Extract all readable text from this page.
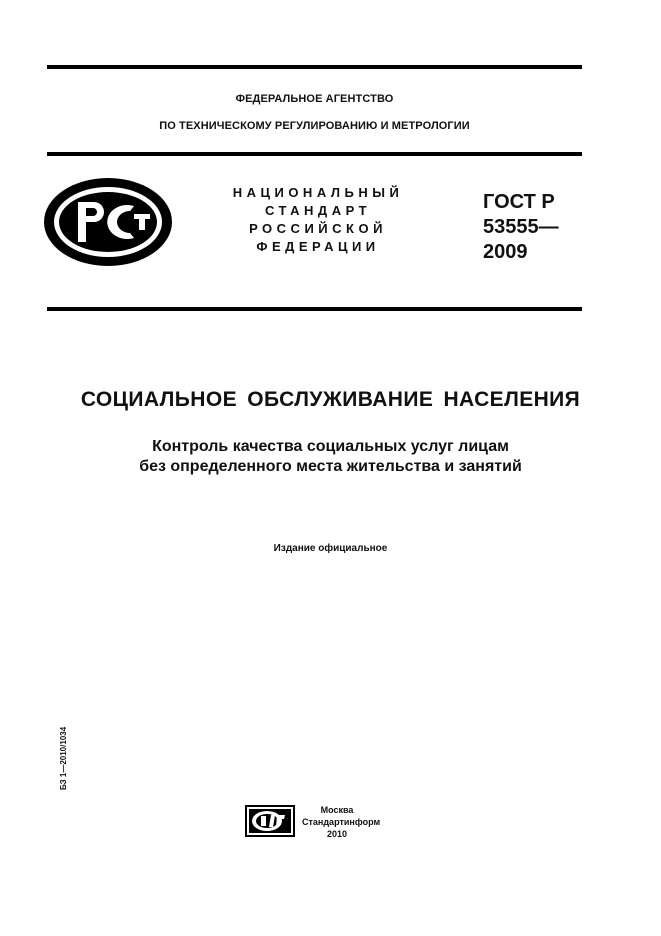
ФЕДЕРАЛЬНОЕ АГЕНТСТВО
ПО ТЕХНИЧЕСКОМУ РЕГУЛИРОВАНИЮ И МЕТРОЛОГИИ
НАЦИОНАЛЬНЫЙ
СТАНДАРТ
РОССИЙСКОЙ
ФЕДЕРАЦИИ
ГОСТ Р
53555—
2009
СОЦИАЛЬНОЕ ОБСЛУЖИВАНИЕ НАСЕЛЕНИЯ
Контроль качества социальных услуг лицам
без определенного места жительства и занятий
Издание официальное
БЗ 1—2010/1034
Москва
Стандартинформ
2010
